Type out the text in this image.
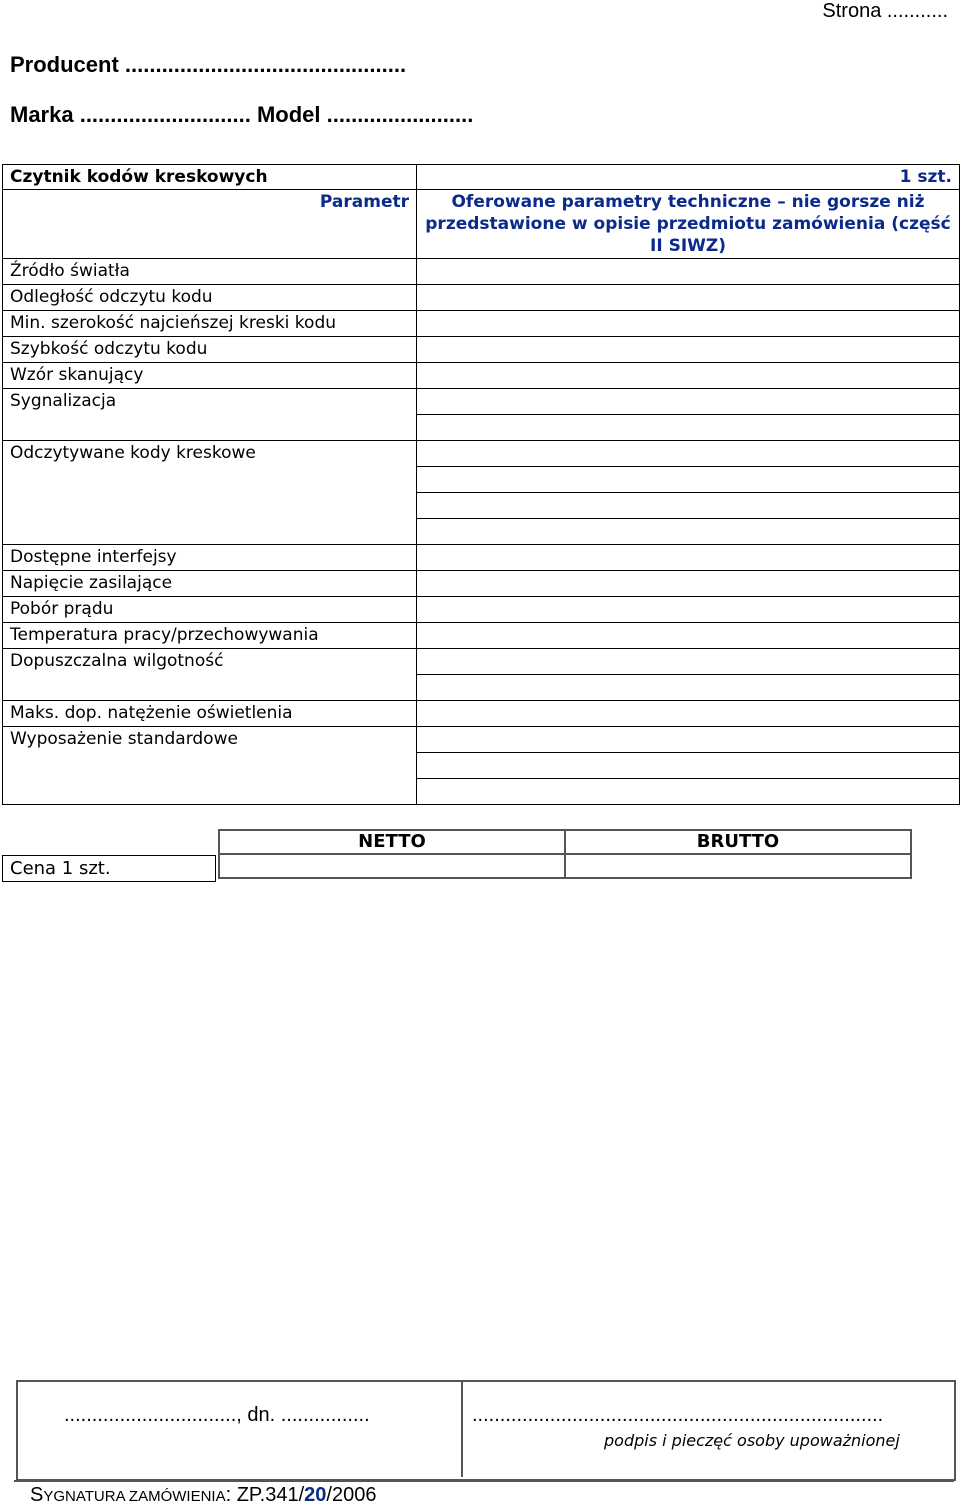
Strona ...........
Producent ..............................................
Marka ............................ Model ........................
Czytnik kodów kreskowych	1 szt.
Parametr	Oferowane parametry techniczne – nie gorsze niż przedstawione w opisie przedmiotu zamówienia (część II SIWZ)
Źródło światła	
Odległość odczytu kodu	
Min. szerokość najcieńszej kreski kodu	
Szybkość odczytu kodu	
Wzór skanujący	
Sygnalizacja	

Odczytywane kody kreskowe	

Dostępne interfejsy	
Napięcie zasilające	
Pobór prądu	
Temperatura pracy/przechowywania	
Dopuszczalna wilgotność	

Maks. dop. natężenie oświetlenia	
Wyposażenie standardowe	

Cena 1 szt.
NETTO	BRUTTO

..............................., dn. ................	..........................................................................
podpis i pieczęć osoby upoważnionej
SYGNATURA ZAMÓWIENIA: ZP.341/20/2006
